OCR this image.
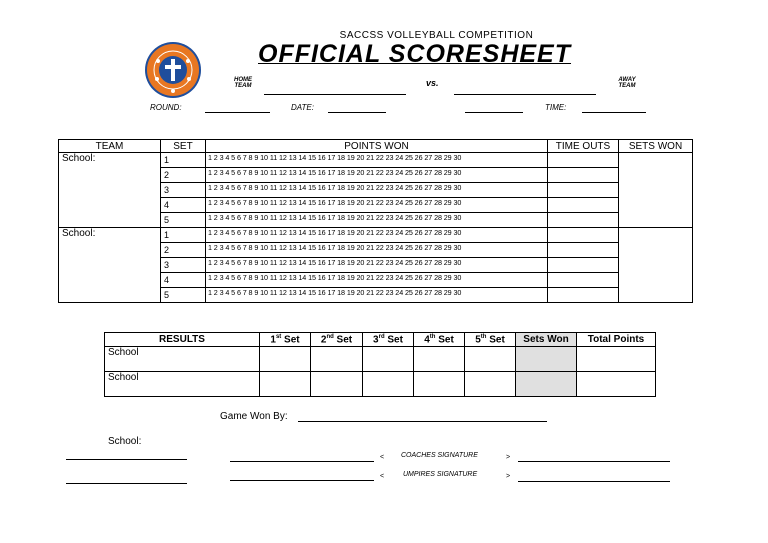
SACCSS VOLLEYBALL COMPETITION
OFFICIAL SCORESHEET
HOME TEAM	vs.	AWAY TEAM
ROUND:	DATE:	TIME:
TEAM	SET	POINTS WON	TIME OUTS	SETS WON
School:	1	1 2 3 4 5 6 7 8 9 10 11 12 13 14 15 16 17 18 19 20 21 22 23 24 25 26 27 28 29 30		
	2	1 2 3 4 5 6 7 8 9 10 11 12 13 14 15 16 17 18 19 20 21 22 23 24 25 26 27 28 29 30		
	3	1 2 3 4 5 6 7 8 9 10 11 12 13 14 15 16 17 18 19 20 21 22 23 24 25 26 27 28 29 30		
	4	1 2 3 4 5 6 7 8 9 10 11 12 13 14 15 16 17 18 19 20 21 22 23 24 25 26 27 28 29 30		
	5	1 2 3 4 5 6 7 8 9 10 11 12 13 14 15 16 17 18 19 20 21 22 23 24 25 26 27 28 29 30		
School:	1	1 2 3 4 5 6 7 8 9 10 11 12 13 14 15 16 17 18 19 20 21 22 23 24 25 26 27 28 29 30		
	2	1 2 3 4 5 6 7 8 9 10 11 12 13 14 15 16 17 18 19 20 21 22 23 24 25 26 27 28 29 30		
	3	1 2 3 4 5 6 7 8 9 10 11 12 13 14 15 16 17 18 19 20 21 22 23 24 25 26 27 28 29 30		
	4	1 2 3 4 5 6 7 8 9 10 11 12 13 14 15 16 17 18 19 20 21 22 23 24 25 26 27 28 29 30		
	5	1 2 3 4 5 6 7 8 9 10 11 12 13 14 15 16 17 18 19 20 21 22 23 24 25 26 27 28 29 30		
RESULTS	1st Set	2nd Set	3rd Set	4th Set	5th Set	Sets Won	Total Points
School							
School							
Game Won By:
School:
< COACHES SIGNATURE	>
<	UMPIRES SIGNATURE	>
